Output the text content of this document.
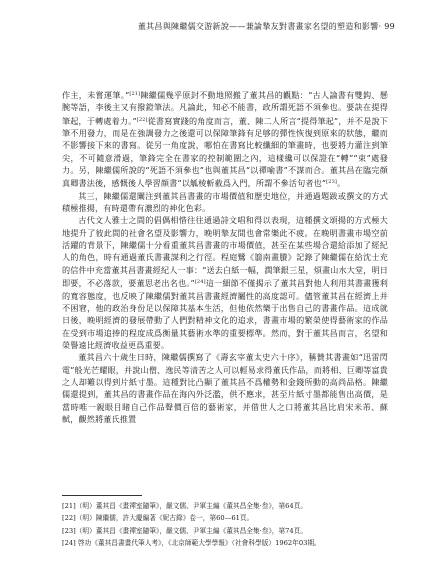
董其昌與陳繼儒交游新說——兼論摯友對書畫家名望的塑造和影響· 99

作主，未嘗運筆。”[21]陳繼儒幾乎原封不動地照搬了董其昌的觀點：“古人論書有雙鈎、懸腕等語，李後主又有撥鐙筆法。凡論此，知必不能書，政所謂死語不須參也。要訣在提得筆起，于轉處着力。”[22]從書寫實踐的角度而言，董、陳二人所言“提得筆起”，并不是說下筆不用發力，而是在強調發力之後還可以保障筆鋒有足够的彈性恢復到原來的狀態，繼而不影響接下來的書寫。從另一角度說，哪怕在書寫比較纖細的筆畫時，也要將力灌注到筆尖，不可隨意滑過，筆鋒完全在書家的控制範圍之內，這樣纔可以保證在“轉”“束”處發力。另，陳繼儒所說的“死語不須參也”也與董其昌“以禪喻書”不謀而合。董其昌在臨完顔真卿書法後，感慨後人學習顔書“以觚棱斬截爲入門，所謂不參活句者也”[23]。

其三，陳繼儒還闡注到董其昌書畫的市場價值和歷史地位，并通過題跋或撰文的方式積極推揚，有時還帶有濃烈的神化色彩。

古代文人雅士之間的倡偶相惜往往通過詩文唱和得以表現，這種撰文頌揚的方式極大地提升了彼此間的社會名望及影響力，晚明摯友間也會常樂此不疲。在晚明書畫市場空前活躍的背景下，陳繼儒十分看重董其昌書畫的市場價值，甚至在某些場合還給添加了經紀人的角色，時有通過董氏書畫謀利之行徑。程庭鷺《篛南畫賸》記錄了陳繼儒在給沈士充的信件中充當董其昌書畫經紀人一事：“送去白紙一幅，潤筆銀三星，煩畫山水大堂，明日即要，不必落款，要董思老出名也。”[24]這一細節不僅揭示了董其昌對他人利用其書畫獲利的寬容態度，也反映了陳繼儒對董其昌書畫經濟屬性的高度認可。儘管董其昌在經濟上并不困窘，他的政治身份足以保障其基本生活，但他依然樂于出售自己的書畫作品。這成就日後，晚明經濟的發展帶動了人們對精神文化的追求，書畫市場的繁榮使得藝術家的作品在受到市場追捧的程度成爲衡量其藝術水準的重要標準。然而，對于董其昌而言，名望和榮譽遠比經濟收益更爲重要。

董其昌六十歲生日時，陳繼儒撰寫了《壽玄宰董太史六十序》，稱贊其書畫如“迅雷閃電”般光芒耀眼，并說山僧、逸民等清苦之人可以輕易求得董氏作品，而將相、巨卿等富貴之人却難以得到片紙寸墨。這種對比凸顯了董其昌不爲權勢和金錢所動的高尚品格。陳繼儒還提到，董其昌的書畫作品在海內外泛濫，供不應求，甚至片紙寸墨都能售出高價，是當時唯一親眼目睹自己作品聲價百倍的藝術家，并借世人之口將董其昌比肩宋米芾、蘇軾，觀然將董氏推置

[21]（明）董其昌《畫禪室隨筆》，嚴文儒、尹軍主編《董其昌全集·叁》，第64頁。
[22]（明）陳繼儒，許大慶編著《妮古錄》卷一，第60—61頁。
[23]（明）董其昌《畫禪室隨筆》，嚴文儒、尹軍主編《董其昌全集·叁》，第74頁。
[24] 啓功《董其昌書畫代筆人考》，《北京師範大學學報》（社會科學版）1962年03期。
